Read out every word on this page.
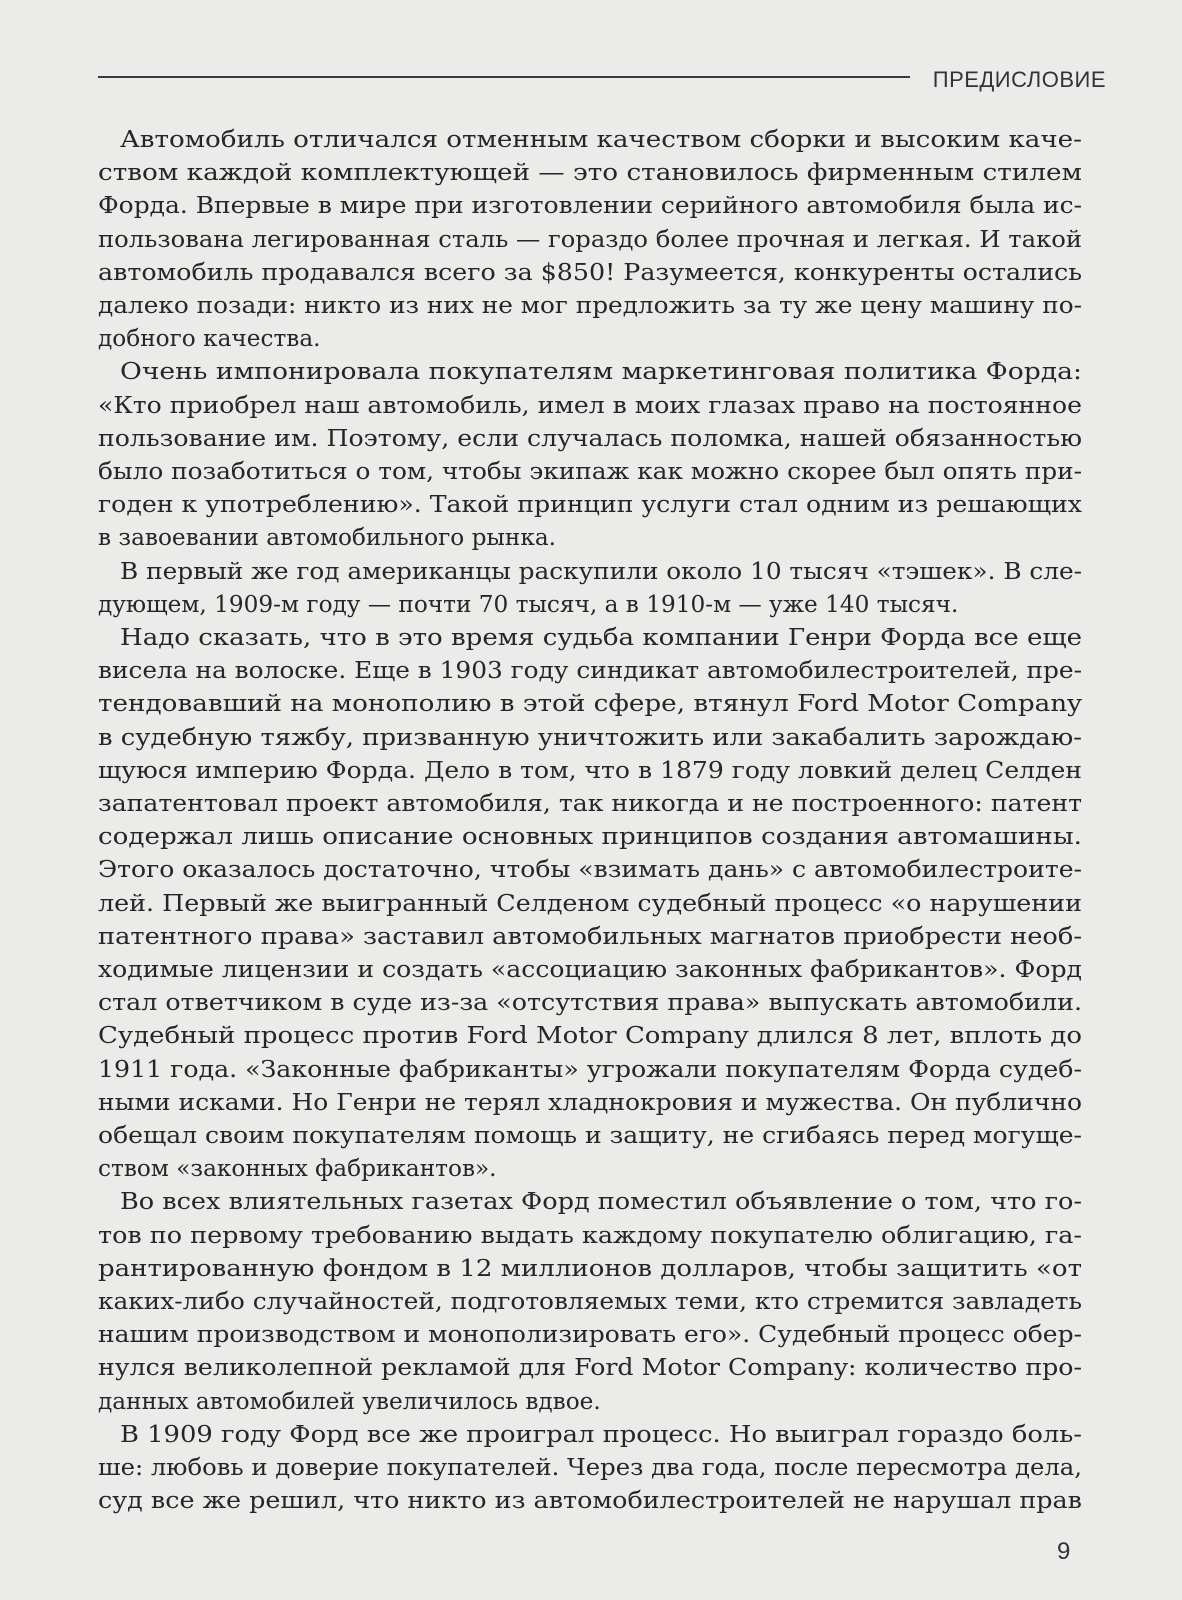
ПРЕДИСЛОВИЕ
Автомобиль отличался отменным качеством сборки и высоким каче-
ством каждой комплектующей — это становилось фирменным стилем
Форда. Впервые в мире при изготовлении серийного автомобиля была ис-
пользована легированная сталь — гораздо более прочная и легкая. И такой
автомобиль продавался всего за $850! Разумеется, конкуренты остались
далеко позади: никто из них не мог предложить за ту же цену машину по-
добного качества.
Очень импонировала покупателям маркетинговая политика Форда:
«Кто приобрел наш автомобиль, имел в моих глазах право на постоянное
пользование им. Поэтому, если случалась поломка, нашей обязанностью
было позаботиться о том, чтобы экипаж как можно скорее был опять при-
годен к употреблению». Такой принцип услуги стал одним из решающих
в завоевании автомобильного рынка.
В первый же год американцы раскупили около 10 тысяч «тэшек». В сле-
дующем, 1909-м году — почти 70 тысяч, а в 1910-м — уже 140 тысяч.
Надо сказать, что в это время судьба компании Генри Форда все еще
висела на волоске. Еще в 1903 году синдикат автомобилестроителей, пре-
тендовавший на монополию в этой сфере, втянул Ford Motor Company
в судебную тяжбу, призванную уничтожить или закабалить зарождаю-
щуюся империю Форда. Дело в том, что в 1879 году ловкий делец Селден
запатентовал проект автомобиля, так никогда и не построенного: патент
содержал лишь описание основных принципов создания автомашины.
Этого оказалось достаточно, чтобы «взимать дань» с автомобилестроите-
лей. Первый же выигранный Селденом судебный процесс «о нарушении
патентного права» заставил автомобильных магнатов приобрести необ-
ходимые лицензии и создать «ассоциацию законных фабрикантов». Форд
стал ответчиком в суде из-за «отсутствия права» выпускать автомобили.
Судебный процесс против Ford Motor Company длился 8 лет, вплоть до
1911 года. «Законные фабриканты» угрожали покупателям Форда судеб-
ными исками. Но Генри не терял хладнокровия и мужества. Он публично
обещал своим покупателям помощь и защиту, не сгибаясь перед могуще-
ством «законных фабрикантов».
Во всех влиятельных газетах Форд поместил объявление о том, что го-
тов по первому требованию выдать каждому покупателю облигацию, га-
рантированную фондом в 12 миллионов долларов, чтобы защитить «от
каких-либо случайностей, подготовляемых теми, кто стремится завладеть
нашим производством и монополизировать его». Судебный процесс обер-
нулся великолепной рекламой для Ford Motor Company: количество про-
данных автомобилей увеличилось вдвое.
В 1909 году Форд все же проиграл процесс. Но выиграл гораздо боль-
ше: любовь и доверие покупателей. Через два года, после пересмотра дела,
суд все же решил, что никто из автомобилестроителей не нарушал прав
9
